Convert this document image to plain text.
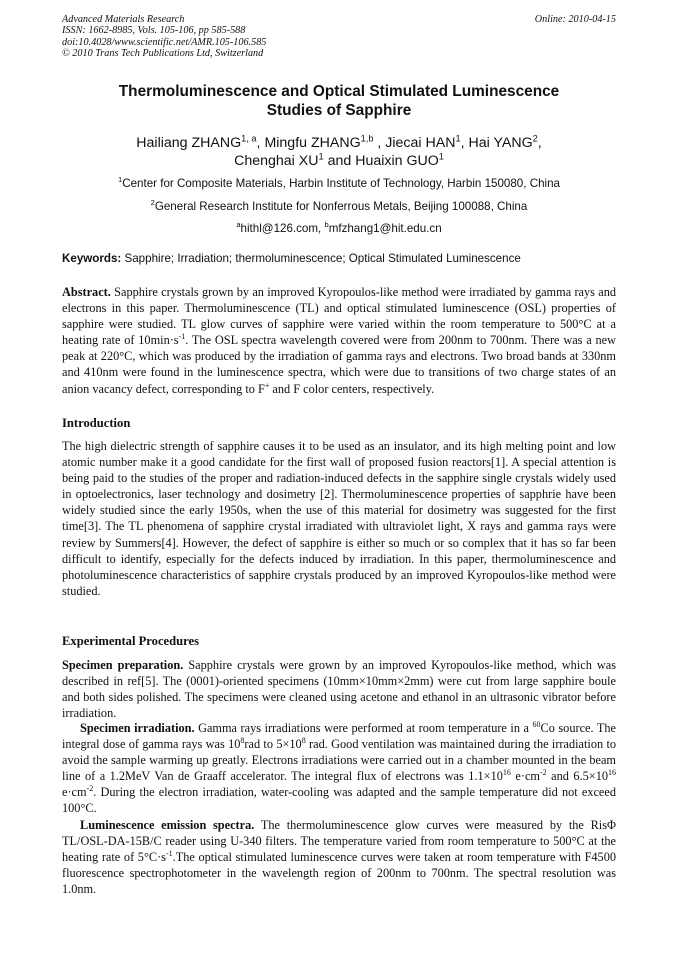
Advanced Materials Research
ISSN: 1662-8985, Vols. 105-106, pp 585-588
doi:10.4028/www.scientific.net/AMR.105-106.585
© 2010 Trans Tech Publications Ltd, Switzerland
Online: 2010-04-15
Thermoluminescence and Optical Stimulated Luminescence
Studies of Sapphire
Hailiang ZHANG$^{1, a}$, Mingfu ZHANG$^{1,b}$ , Jiecai HAN$^1$, Hai YANG$^2$,
Chenghai $XU^1$ and Huaixin GUO$^1$
$^1$Center for Composite Materials, Harbin Institute of Technology, Harbin 150080, China
$^2$General Research Institute for Nonferrous Metals, Beijing 100088, China
$^a$hithl@126.com, $^b$mfzhang1@hit.edu.cn
Keywords: Sapphire; Irradiation; thermoluminescence; Optical Stimulated Luminescence

Abstract. Sapphire crystals grown by an improved Kyropoulos-like method were irradiated by gamma rays and electrons in this paper. Thermoluminescence (TL) and optical stimulated luminescence (OSL) properties of sapphire were studied. TL glow curves of sapphire were varied within the room temperature to 500°C at a heating rate of $10\min\cdot s^{-1}$. The OSL spectra wavelength covered were from 200nm to 700nm. There was a new peak at 220°C, which was produced by the irradiation of gamma rays and electrons. Two broad bands at 330nm and 410nm were found in the luminescence spectra, which were due to transitions of two charge states of an anion vacancy defect, corresponding to F+ and F color centers, respectively.

Introduction

The high dielectric strength of sapphire causes it to be used as an insulator, and its high melting point and low atomic number make it a good candidate for the first wall of proposed fusion reactors[1]. A special attention is being paid to the studies of the proper and radiation-induced defects in the sapphire single crystals widely used in optoelectronics, laser technology and dosimetry [2]. Thermoluminescence properties of sapphrie have been widely studied since the early 1950s, when the use of this material for dosimetry was suggested for the first time[3]. The TL phenomena of sapphire crystal irradiated with ultraviolet light, X rays and gamma rays were review by Summers[4]. However, the defect of sapphire is either so much or so complex that it has so far been difficult to identify, especially for the defects induced by irradiation. In this paper, thermoluminescence and photoluminescence characteristics of sapphire crystals produced by an improved Kyropoulos-like method were studied.

Experimental Procedures

Specimen preparation. Sapphire crystals were grown by an improved Kyropoulos-like method, which was described in ref[5]. The (0001)-oriented specimens (10mm×10mm×2mm) were cut from large sapphire boule and both sides polished. The specimens were cleaned using acetone and ethanol in an ultrasonic vibrator before irradiation.

Specimen irradiation. Gamma rays irradiations were performed at room temperature in a $^{60}$Co source. The integral dose of gamma rays was $10^8rad$ to $5\times 10^8$ rad. Good ventilation was maintained during the irradiation to avoid the sample warming up greatly. Electrons irradiations were carried out in a chamber mounted in the beam line of a 1.2MeV Van de Graaff accelerator. The integral flux of electrons was $1.1\times 10^{16}$ $e\cdot cm^{-2}$ and $6.5\times 10^{16}$ $e\cdot cm^{-2}$. During the electron irradiation, water-cooling was adapted and the sample temperature did not exceed 100°C.

Luminescence emission spectra. The thermoluminescence glow curves were measured by the RisΦ TL/OSL-DA-15B/C reader using U-340 filters. The temperature varied from room temperature to 500°C at the heating rate of $5^\circ C\cdot s^{-1}.The$ optical stimulated luminescence curves were taken at room temperature with F4500 fluorescence spectrophotometer in the wavelength region of 200nm to 700nm. The spectral resolution was 1.0nm.
